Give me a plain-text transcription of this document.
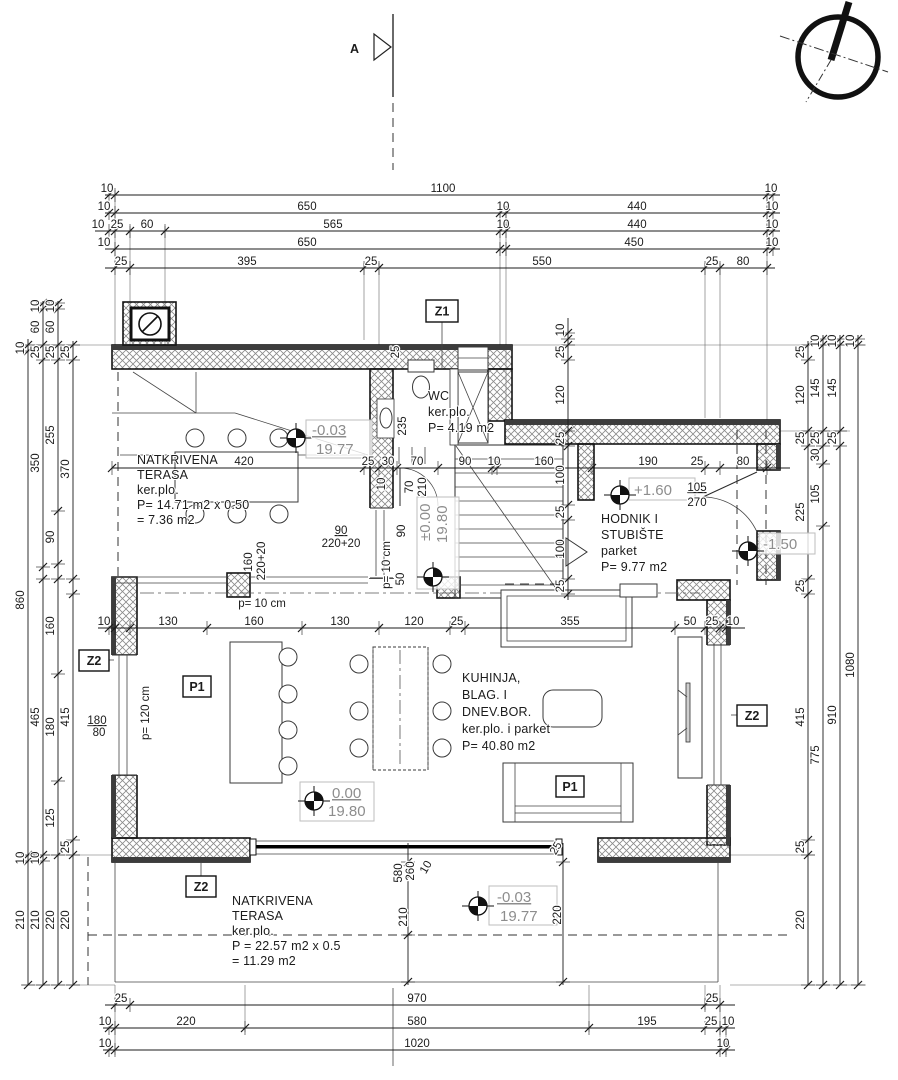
A
-0.03
19.77
±0.00 19.80
0.00
19.80
+1.60
-1.50
-0.03
19.77
10	1100	10
10	650	10	440	10
10 25 60	565	10	440	10
10	650	450	10
25	395	25	550	25 80
25	970	25
10	220	580	195	25 10
10	1020	10
10
860
10
210
10
60
25
350
465
10
210
10
60
25
255
90
160
180
125
220
25
370
415
25
220
25
120
25
225
25
415
25
220
10
145
25
30
105
775
10
145
25
910
10
1080
10
25
120
25
100
25
100
25
420	25 30 70	90 10	160	190	25	80
10	130	160	130	120 25	355	50 25 10
235
25
10 70 210
90
50
p= 10 cm
160 220+20
90
220+20
p= 10 cm
p= 120 cm
180
80
105
270
580 260 10
210	220
25
NATKRIVENA TERASA ker.plo. P= 14.71 m2 x 0.50 = 7.36 m2
WC ker.plo. P= 4.19 m2
HODNIK I STUBIŠTE parket P= 9.77 m2
KUHINJA, BLAG. I DNEV.BOR. ker.plo. i parket P= 40.80 m2
NATKRIVENA TERASA ker.plo. P = 22.57 m2 x 0.5 = 11.29 m2
Z1
Z2
Z2
Z2
P1
P1
